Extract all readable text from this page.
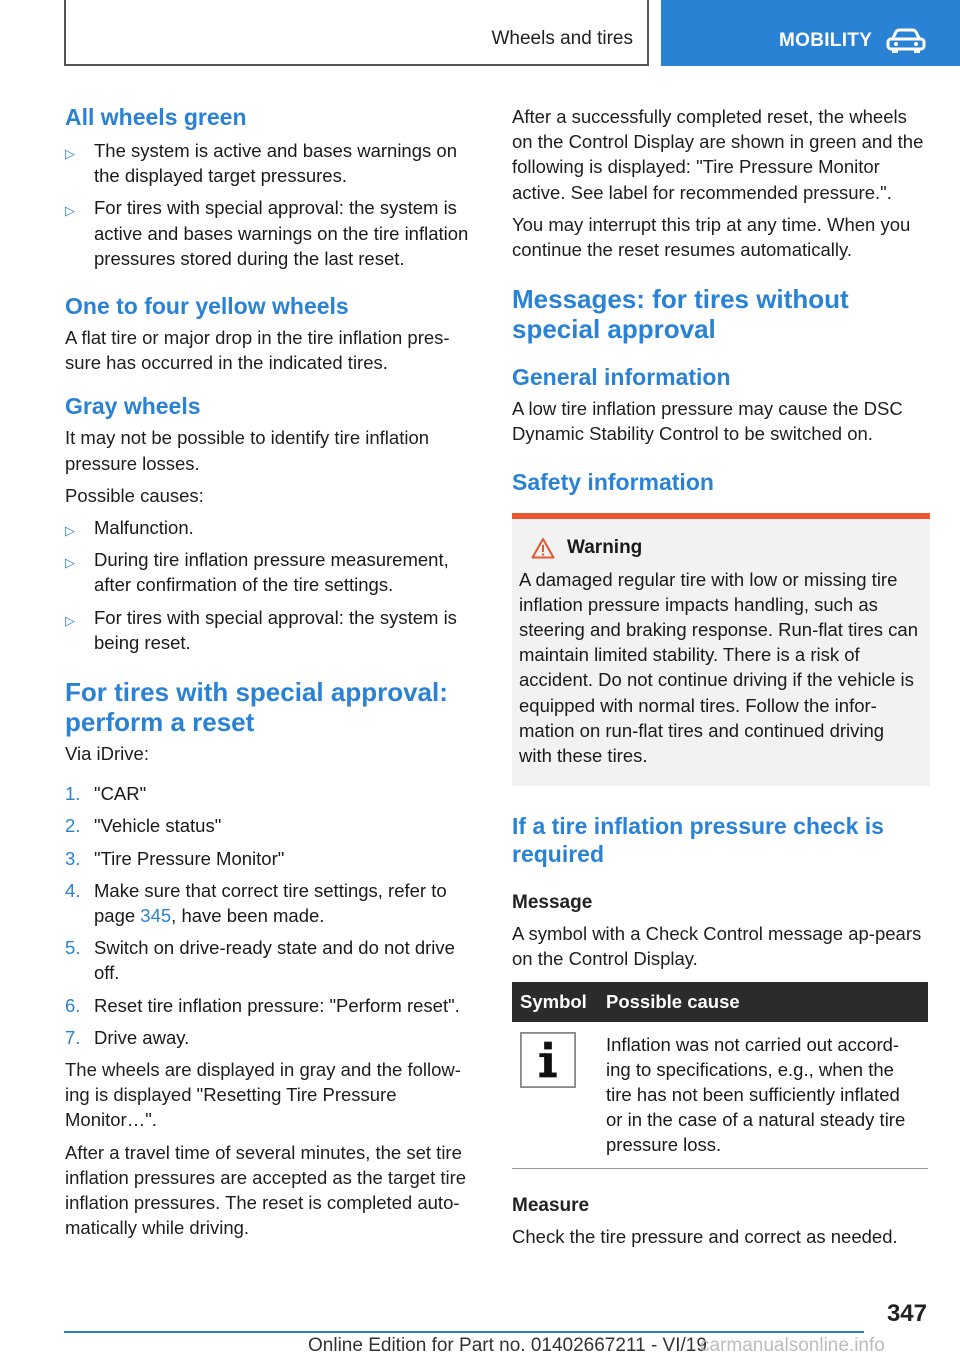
Wheels and tires	MOBILITY
All wheels green
▷ The system is active and bases warnings on the displayed target pressures.
▷ For tires with special approval: the system is active and bases warnings on the tire inflation pressures stored during the last reset.
One to four yellow wheels
A flat tire or major drop in the tire inflation pres-sure has occurred in the indicated tires.
Gray wheels
It may not be possible to identify tire inflation pressure losses.
Possible causes:
▷ Malfunction.
▷ During tire inflation pressure measurement, after confirmation of the tire settings.
▷ For tires with special approval: the system is being reset.
For tires with special approval: perform a reset
Via iDrive:
1. "CAR"
2. "Vehicle status"
3. "Tire Pressure Monitor"
4. Make sure that correct tire settings, refer to page 345, have been made.
5. Switch on drive-ready state and do not drive off.
6. Reset tire inflation pressure: "Perform reset".
7. Drive away.
The wheels are displayed in gray and the follow-ing is displayed "Resetting Tire Pressure Monitor…".
After a travel time of several minutes, the set tire inflation pressures are accepted as the target tire inflation pressures. The reset is completed auto-matically while driving.
After a successfully completed reset, the wheels on the Control Display are shown in green and the following is displayed: "Tire Pressure Monitor active. See label for recommended pressure.".
You may interrupt this trip at any time. When you continue the reset resumes automatically.
Messages: for tires without special approval
General information
A low tire inflation pressure may cause the DSC Dynamic Stability Control to be switched on.
Safety information
Warning
A damaged regular tire with low or missing tire inflation pressure impacts handling, such as steering and braking response. Run-flat tires can maintain limited stability. There is a risk of accident. Do not continue driving if the vehicle is equipped with normal tires. Follow the infor-mation on run-flat tires and continued driving with these tires.
If a tire inflation pressure check is required
Message
A symbol with a Check Control message ap-pears on the Control Display.
Symbol	Possible cause
Inflation was not carried out accord-ing to specifications, e.g., when the tire has not been sufficiently inflated or in the case of a natural steady tire pressure loss.
Measure
Check the tire pressure and correct as needed.
347
Online Edition for Part no. 01402667211 - VI/19
carmanualsonline.info
